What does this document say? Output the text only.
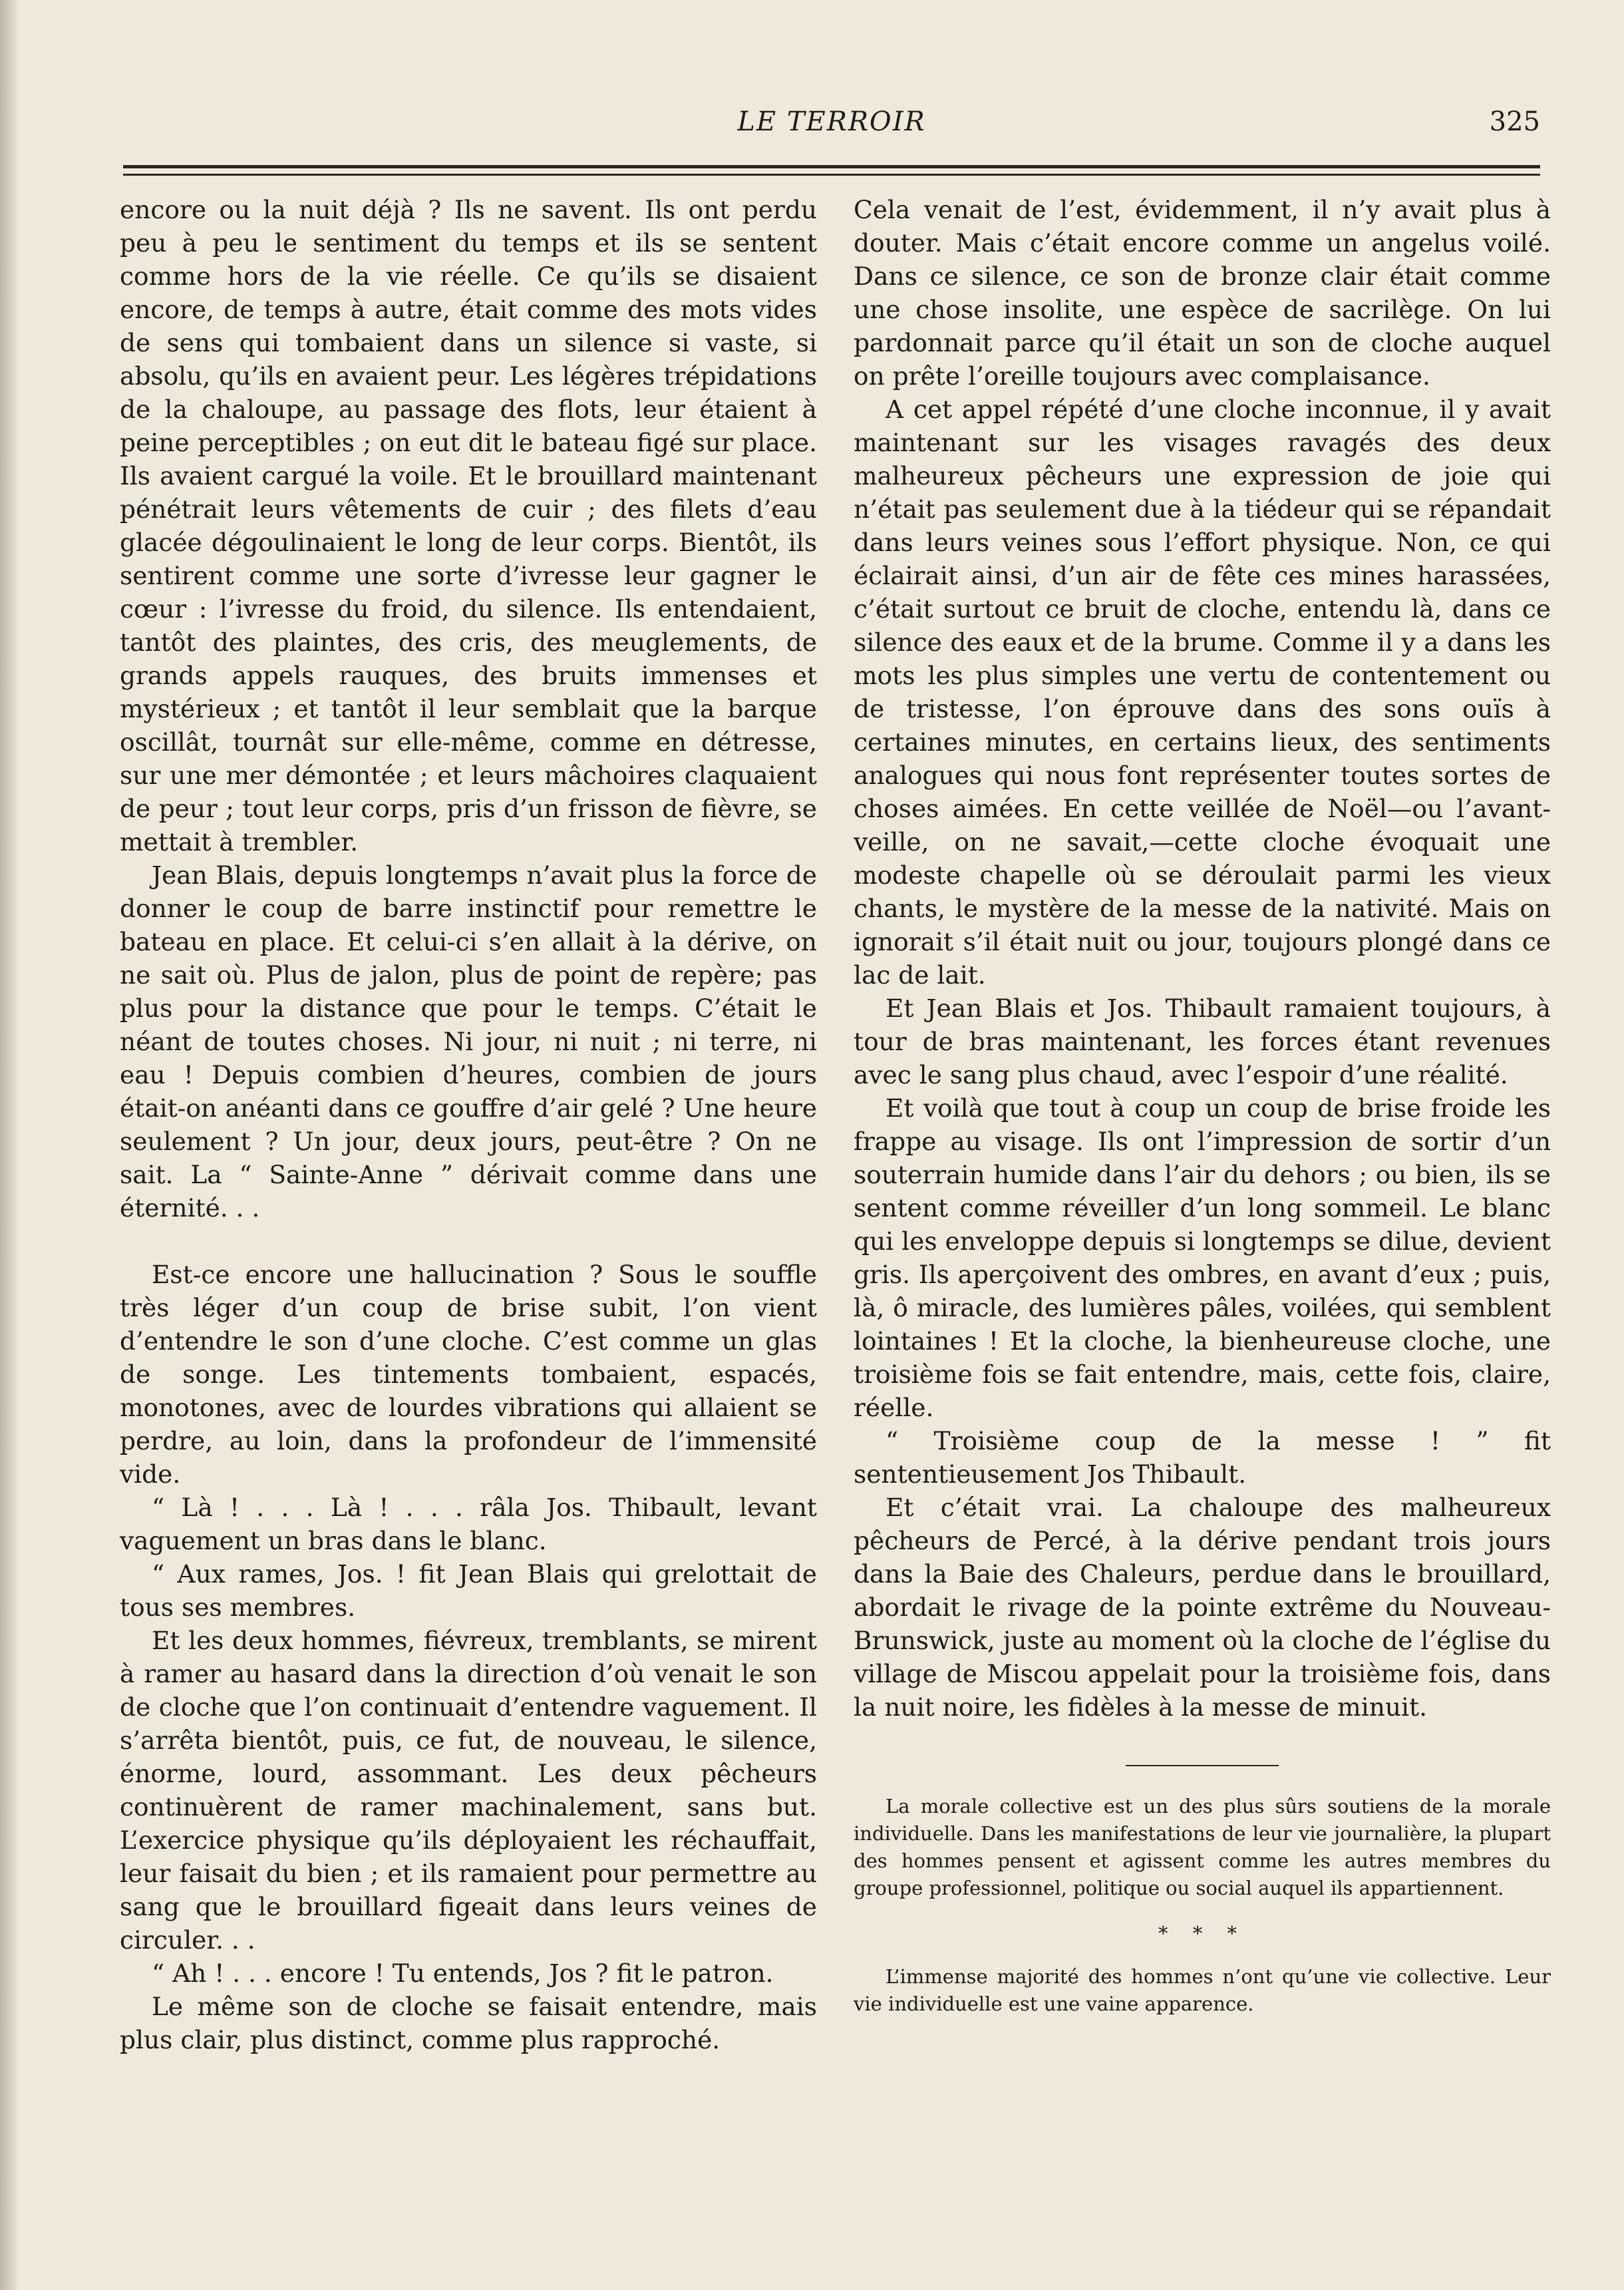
LE TERROIR	325

encore ou la nuit déjà ? Ils ne savent. Ils ont perdu peu à peu le sentiment du temps et ils se sentent comme hors de la vie réelle. Ce qu’ils se disaient encore, de temps à autre, était comme des mots vides de sens qui tombaient dans un silence si vaste, si absolu, qu’ils en avaient peur. Les légères trépidations de la chaloupe, au passage des flots, leur étaient à peine perceptibles ; on eut dit le bateau figé sur place. Ils avaient cargué la voile. Et le brouillard maintenant pénétrait leurs vêtements de cuir ; des filets d’eau glacée dégoulinaient le long de leur corps. Bientôt, ils sentirent comme une sorte d’ivresse leur gagner le cœur : l’ivresse du froid, du silence. Ils entendaient, tantôt des plaintes, des cris, des meuglements, de grands appels rauques, des bruits immenses et mystérieux ; et tantôt il leur semblait que la barque oscillât, tournât sur elle-même, comme en détresse, sur une mer démontée ; et leurs mâchoires claquaient de peur ; tout leur corps, pris d’un frisson de fièvre, se mettait à trembler.

Jean Blais, depuis longtemps n’avait plus la force de donner le coup de barre instinctif pour remettre le bateau en place. Et celui-ci s’en allait à la dérive, on ne sait où. Plus de jalon, plus de point de repère; pas plus pour la distance que pour le temps. C’était le néant de toutes choses. Ni jour, ni nuit ; ni terre, ni eau ! Depuis combien d’heures, combien de jours était-on anéanti dans ce gouffre d’air gelé ? Une heure seulement ? Un jour, deux jours, peut-être ? On ne sait. La “ Sainte-Anne ” dérivait comme dans une éternité. . .

Est-ce encore une hallucination ? Sous le souffle très léger d’un coup de brise subit, l’on vient d’entendre le son d’une cloche. C’est comme un glas de songe. Les tintements tombaient, espacés, monotones, avec de lourdes vibrations qui allaient se perdre, au loin, dans la profondeur de l’immensité vide.

“ Là ! . . . Là ! . . . râla Jos. Thibault, levant vaguement un bras dans le blanc.

“ Aux rames, Jos. ! fit Jean Blais qui grelottait de tous ses membres.

Et les deux hommes, fiévreux, tremblants, se mirent à ramer au hasard dans la direction d’où venait le son de cloche que l’on continuait d’entendre vaguement. Il s’arrêta bientôt, puis, ce fut, de nouveau, le silence, énorme, lourd, assommant. Les deux pêcheurs continuèrent de ramer machinalement, sans but. L’exercice physique qu’ils déployaient les réchauffait, leur faisait du bien ; et ils ramaient pour permettre au sang que le brouillard figeait dans leurs veines de circuler. . .

“ Ah ! . . . encore ! Tu entends, Jos ? fit le patron.

Le même son de cloche se faisait entendre, mais plus clair, plus distinct, comme plus rapproché.

Cela venait de l’est, évidemment, il n’y avait plus à douter. Mais c’était encore comme un angelus voilé. Dans ce silence, ce son de bronze clair était comme une chose insolite, une espèce de sacrilège. On lui pardonnait parce qu’il était un son de cloche auquel on prête l’oreille toujours avec complaisance.

A cet appel répété d’une cloche inconnue, il y avait maintenant sur les visages ravagés des deux malheureux pêcheurs une expression de joie qui n’était pas seulement due à la tiédeur qui se répandait dans leurs veines sous l’effort physique. Non, ce qui éclairait ainsi, d’un air de fête ces mines harassées, c’était surtout ce bruit de cloche, entendu là, dans ce silence des eaux et de la brume. Comme il y a dans les mots les plus simples une vertu de contentement ou de tristesse, l’on éprouve dans des sons ouïs à certaines minutes, en certains lieux, des sentiments analogues qui nous font représenter toutes sortes de choses aimées. En cette veillée de Noël—ou l’avant-veille, on ne savait,—cette cloche évoquait une modeste chapelle où se déroulait parmi les vieux chants, le mystère de la messe de la nativité. Mais on ignorait s’il était nuit ou jour, toujours plongé dans ce lac de lait.

Et Jean Blais et Jos. Thibault ramaient toujours, à tour de bras maintenant, les forces étant revenues avec le sang plus chaud, avec l’espoir d’une réalité.

Et voilà que tout à coup un coup de brise froide les frappe au visage. Ils ont l’impression de sortir d’un souterrain humide dans l’air du dehors ; ou bien, ils se sentent comme réveiller d’un long sommeil. Le blanc qui les enveloppe depuis si longtemps se dilue, devient gris. Ils aperçoivent des ombres, en avant d’eux ; puis, là, ô miracle, des lumières pâles, voilées, qui semblent lointaines ! Et la cloche, la bienheureuse cloche, une troisième fois se fait entendre, mais, cette fois, claire, réelle.

“ Troisième coup de la messe ! ” fit sententieusement Jos Thibault.

Et c’était vrai. La chaloupe des malheureux pêcheurs de Percé, à la dérive pendant trois jours dans la Baie des Chaleurs, perdue dans le brouillard, abordait le rivage de la pointe extrême du Nouveau-Brunswick, juste au moment où la cloche de l’église du village de Miscou appelait pour la troisième fois, dans la nuit noire, les fidèles à la messe de minuit.

La morale collective est un des plus sûrs soutiens de la morale individuelle. Dans les manifestations de leur vie journalière, la plupart des hommes pensent et agissent comme les autres membres du groupe professionnel, politique ou social auquel ils appartiennent.

* * *

L’immense majorité des hommes n’ont qu’une vie collective. Leur vie individuelle est une vaine apparence.
